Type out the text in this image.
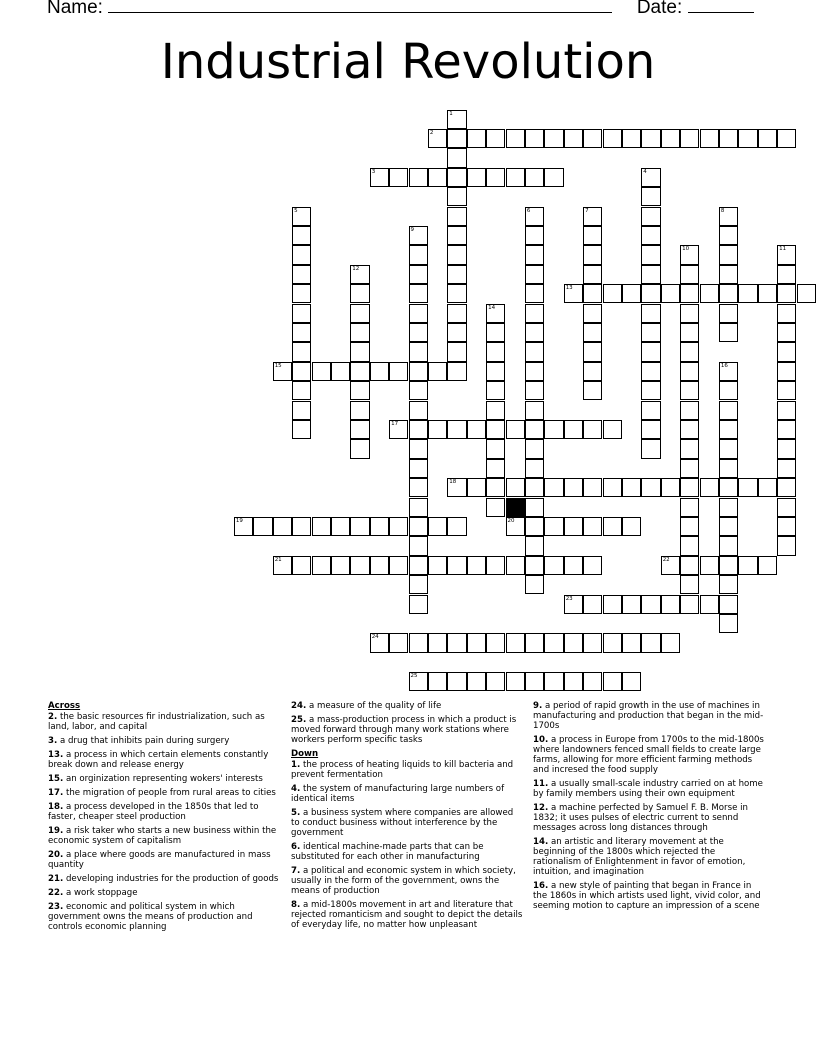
Name:	Date:
Industrial Revolution
1
2
3	4
5	6	7	8
9
10	11
12
13
14
15	16
17
18
19	20
21	22
23
24
25
Across
2. the basic resources fir industrialization, such as land, labor, and capital
3. a drug that inhibits pain during surgery
13. a process in which certain elements constantly break down and release energy
15. an orginization representing wokers' interests
17. the migration of people from rural areas to cities
18. a process developed in the 1850s that led to faster, cheaper steel production
19. a risk taker who starts a new business within the economic system of capitalism
20. a place where goods are manufactured in mass quantity
21. developing industries for the production of goods
22. a work stoppage
23. economic and political system in which government owns the means of production and controls economic planning
24. a measure of the quality of life
25. a mass-production process in which a product is moved forward through many work stations where workers perform specific tasks
Down
1. the process of heating liquids to kill bacteria and prevent fermentation
4. the system of manufacturing large numbers of identical items
5. a business system where companies are allowed to conduct business without interference by the government
6. identical machine-made parts that can be substituted for each other in manufacturing
7. a political and economic system in which society, usually in the form of the government, owns the means of production
8. a mid-1800s movement in art and literature that rejected romanticism and sought to depict the details of everyday life, no matter how unpleasant
9. a period of rapid growth in the use of machines in manufacturing and production that began in the mid-1700s
10. a process in Europe from 1700s to the mid-1800s where landowners fenced small fields to create large farms, allowing for more efficient farming methods and incresed the food supply
11. a usually small-scale industry carried on at home by family members using their own equipment
12. a machine perfected by Samuel F. B. Morse in 1832; it uses pulses of electric current to sennd messages across long distances through
14. an artistic and literary movement at the beginning of the 1800s which rejected the rationalism of Enlightenment in favor of emotion, intuition, and imagination
16. a new style of painting that began in France in the 1860s in which artists used light, vivid color, and seeming motion to capture an impression of a scene
